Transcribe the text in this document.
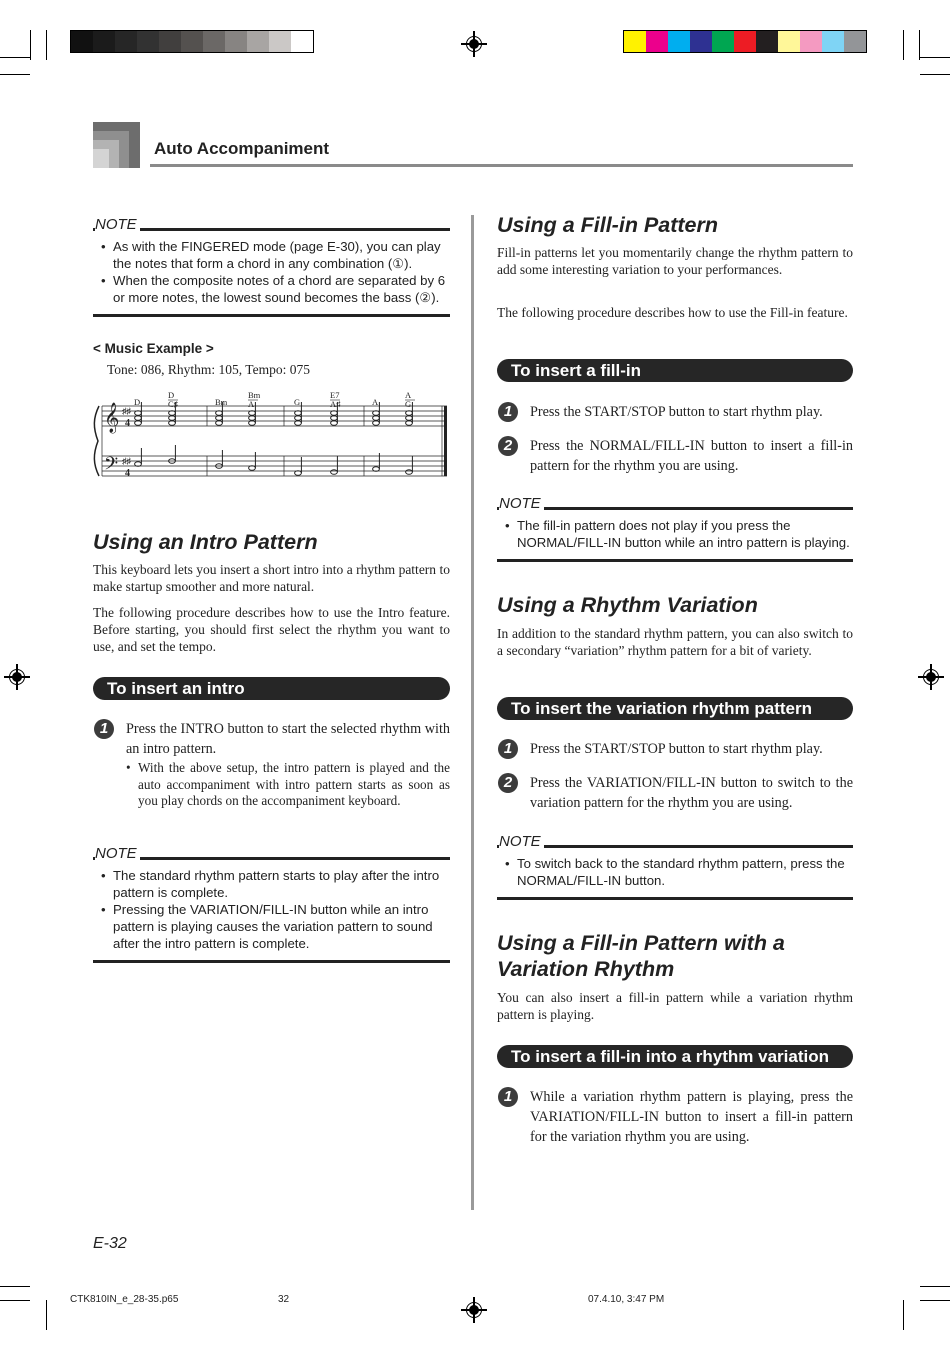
Auto Accompaniment
NOTE
• As with the FINGERED mode (page E-30), you can play the notes that form a chord in any combination (①).
• When the composite notes of a chord are separated by 6 or more notes, the lowest sound becomes the bass (②).
< Music Example >
Tone: 086, Rhythm: 105, Tempo: 075
D
D
C♯	Bm
Bm
A	G
E7
A♯	A
A
G
𝄞
𝄢
♯♯
♯♯
4
4
Using an Intro Pattern
This keyboard lets you insert a short intro into a rhythm pattern to make startup smoother and more natural.
The following procedure describes how to use the Intro feature. Before starting, you should first select the rhythm you want to use, and set the tempo.
To insert an intro
1	Press the INTRO button to start the selected rhythm with an intro pattern.
• With the above setup, the intro pattern is played and the auto accompaniment with intro pattern starts as soon as you play chords on the accompaniment keyboard.
NOTE
• The standard rhythm pattern starts to play after the intro pattern is complete.
• Pressing the VARIATION/FILL-IN button while an intro pattern is playing causes the variation pattern to sound after the intro pattern is complete.
Using a Fill-in Pattern
Fill-in patterns let you momentarily change the rhythm pattern to add some interesting variation to your performances.
The following procedure describes how to use the Fill-in feature.
To insert a fill-in
1	Press the START/STOP button to start rhythm play.
2	Press the NORMAL/FILL-IN button to insert a fill-in pattern for the rhythm you are using.
NOTE
• The fill-in pattern does not play if you press the NORMAL/FILL-IN button while an intro pattern is playing.
Using a Rhythm Variation
In addition to the standard rhythm pattern, you can also switch to a secondary “variation” rhythm pattern for a bit of variety.
To insert the variation rhythm pattern
1	Press the START/STOP button to start rhythm play.
2	Press the VARIATION/FILL-IN button to switch to the variation pattern for the rhythm you are using.
NOTE
• To switch back to the standard rhythm pattern, press the NORMAL/FILL-IN button.
Using a Fill-in Pattern with a
Variation Rhythm
You can also insert a fill-in pattern while a variation rhythm pattern is playing.
To insert a fill-in into a rhythm variation
1	While a variation rhythm pattern is playing, press the VARIATION/FILL-IN button to insert a fill-in pattern for the variation rhythm you are using.
E-32
CTK810IN_e_28-35.p65	32	07.4.10, 3:47 PM
